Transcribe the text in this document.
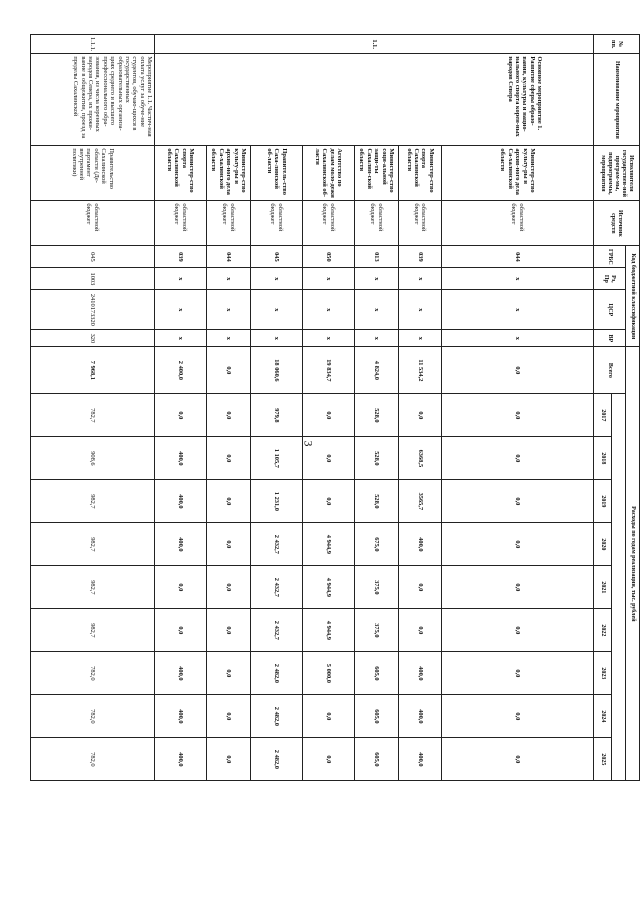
3
№ пп.	Наименование мероприятия	Исполнители государствен-ной програм-мы, подпрограммы, мероприятия	Источник средств	Код бюджетной классификации				Расходы по годам реализации, тыс. рублей									
				ГРБС	Рз, Пр	ЦСР	ВР	Всего									
									2017	2018	2019	2020	2021	2022	2023	2024	2025
1.1.	Основное мероприятие 1. Развитие сферы образо-вания, культуры и нацио-нального спорта корен-ных народов Севера	Министер-ство культу-ры и архив-ного дела Са-халинской области	областной бюджет	044	х	х	х	0,0	0,0	0,0	0,0	0,0	0,0	0,0	0,0	0,0	0,0
		Министер-ство спорта Сахалинской области	областной бюджет	039	х	х	х	11 534,2	0,0	6368,5	3565,7	400,0	0,0	0,0	400,0	400,0	400,0
		Министер-ство соци-альной защи-ты Сахалин-ской области	областной бюджет	013	х	х	х	4 824,0	528,0	528,0	528,0	675,0	375,0	375,0	605,0	605,0	605,0
		Агентство по делам моло-дежи Сахалинской об-ласти	областной бюджет	050	х	х	х	19 834,7	0,0	0,0	0,0	4 944,9	4 944,9	4 944,9	5 000,0	0,0	0,0
		Правитель-ство Саха-линской об-ласти	областной бюджет	045	х	х	х	18 060,6	979,8	1 105,7	1 231,0	2 432,7	2 432,7	2 432,7	2 482,0	2 482,0	2 482,0
		Министер-ство культу-ры и архив-ного дела Са-халинской области	областной бюджет	044	х	х	х	0,0	0,0	0,0	0,0	0,0	0,0	0,0	0,0	0,0	0,0
		Министер-ство спорта Сахалинской области	областной бюджет	039	х	х	х	2 400,0	0,0	400,0	400,0	400,0	0,0	0,0	400,0	400,0	400,0
1.1.1.	Мероприятие 1.1. Частич-ная оплата услуг за обуче-ние студентов, обучаю-щихся в государственных образовательных организа-циях среднего и высшего профессионального обра-зования, из числа коренных народов Севера, их прожи-вание в общежитии, проезд за пределы Сахалинской	Правительство Сахалинской области (Де-партамент внутренней политики)	областной бюджет	045	1003	2410173320	320	7 968,1	782,7	908,6	982,7	982,7	982,7	982,7	782,0	782,0	782,0
